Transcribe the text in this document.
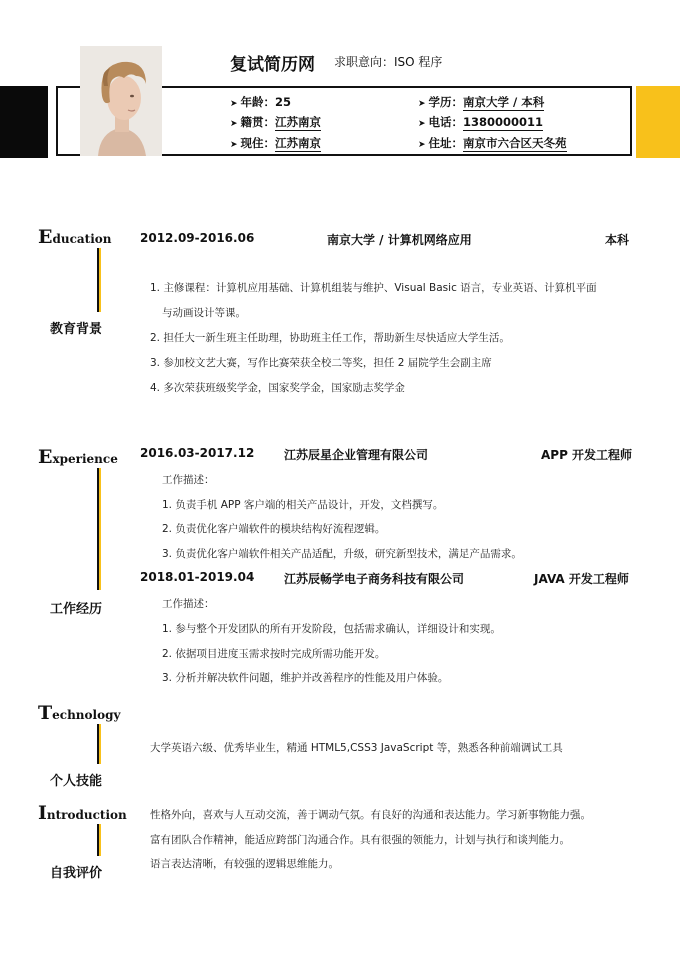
复试简历网 求职意向：ISO 程序
➤ 年龄：25	➤ 学历：南京大学 / 本科
➤ 籍贯：江苏南京	➤ 电话：1380000011
➤ 现住：江苏南京	➤ 住址：南京市六合区天冬苑
Education
教育背景
2012.09-2016.06	南京大学 / 计算机网络应用	本科
1. 主修课程：计算机应用基础、计算机组装与维护、Visual Basic 语言，专业英语、计算机平面
与动画设计等课。
2. 担任大一新生班主任助理，协助班主任工作，帮助新生尽快适应大学生活。
3. 参加校文艺大赛，写作比赛荣获全校二等奖，担任 2 届院学生会副主席
4. 多次荣获班级奖学金，国家奖学金，国家励志奖学金
Experience
工作经历
2016.03-2017.12 江苏辰星企业管理有限公司	APP 开发工程师
工作描述：
1. 负责手机 APP 客户端的相关产品设计，开发，文档撰写。
2. 负责优化客户端软件的模块结构好流程逻辑。
3. 负责优化客户端软件相关产品适配，升级，研究新型技术，满足产品需求。
2018.01-2019.04 江苏辰畅学电子商务科技有限公司	JAVA 开发工程师
工作描述：
1. 参与整个开发团队的所有开发阶段，包括需求确认，详细设计和实现。
2. 依据项目进度玉需求按时完成所需功能开发。
3. 分析并解决软件问题，维护并改善程序的性能及用户体验。
Technology
个人技能
大学英语六级、优秀毕业生，精通 HTML5,CSS3 JavaScript 等，熟悉各种前端调试工具
Introduction
自我评价
性格外向，喜欢与人互动交流，善于调动气氛。有良好的沟通和表达能力。学习新事物能力强。
富有团队合作精神，能适应跨部门沟通合作。具有很强的领能力，计划与执行和谈判能力。
语言表达清晰，有较强的逻辑思维能力。
